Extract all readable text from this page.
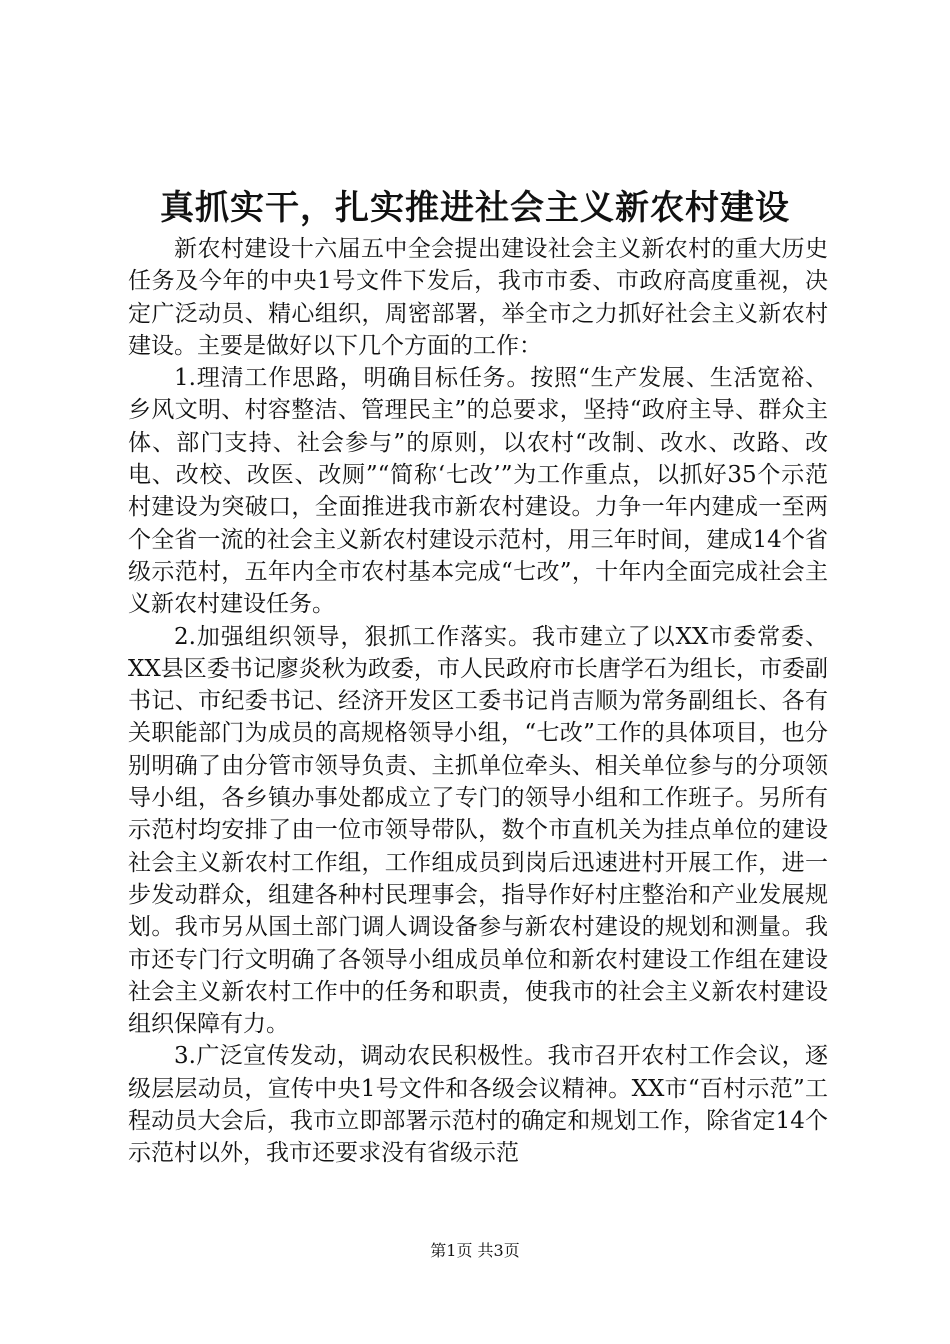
真抓实干，扎实推进社会主义新农村建设

新农村建设十六届五中全会提出建设社会主义新农村的重大历史任务及今年的中央1号文件下发后，我市市委、市政府高度重视，决定广泛动员、精心组织，周密部署，举全市之力抓好社会主义新农村建设。主要是做好以下几个方面的工作：

1.理清工作思路，明确目标任务。按照“生产发展、生活宽裕、乡风文明、村容整洁、管理民主”的总要求，坚持“政府主导、群众主体、部门支持、社会参与”的原则，以农村“改制、改水、改路、改电、改校、改医、改厕”“简称‘七改’”为工作重点，以抓好35个示范村建设为突破口，全面推进我市新农村建设。力争一年内建成一至两个全省一流的社会主义新农村建设示范村，用三年时间，建成14个省级示范村，五年内全市农村基本完成“七改”，十年内全面完成社会主义新农村建设任务。

2.加强组织领导，狠抓工作落实。我市建立了以XX市委常委、XX县区委书记廖炎秋为政委，市人民政府市长唐学石为组长，市委副书记、市纪委书记、经济开发区工委书记肖吉顺为常务副组长、各有关职能部门为成员的高规格领导小组，“七改”工作的具体项目，也分别明确了由分管市领导负责、主抓单位牵头、相关单位参与的分项领导小组，各乡镇办事处都成立了专门的领导小组和工作班子。另所有示范村均安排了由一位市领导带队，数个市直机关为挂点单位的建设社会主义新农村工作组，工作组成员到岗后迅速进村开展工作，进一步发动群众，组建各种村民理事会，指导作好村庄整治和产业发展规划。我市另从国土部门调人调设备参与新农村建设的规划和测量。我市还专门行文明确了各领导小组成员单位和新农村建设工作组在建设社会主义新农村工作中的任务和职责，使我市的社会主义新农村建设组织保障有力。

3.广泛宣传发动，调动农民积极性。我市召开农村工作会议，逐级层层动员，宣传中央1号文件和各级会议精神。XX市“百村示范”工程动员大会后，我市立即部署示范村的确定和规划工作，除省定14个示范村以外，我市还要求没有省级示范

第1页 共3页
